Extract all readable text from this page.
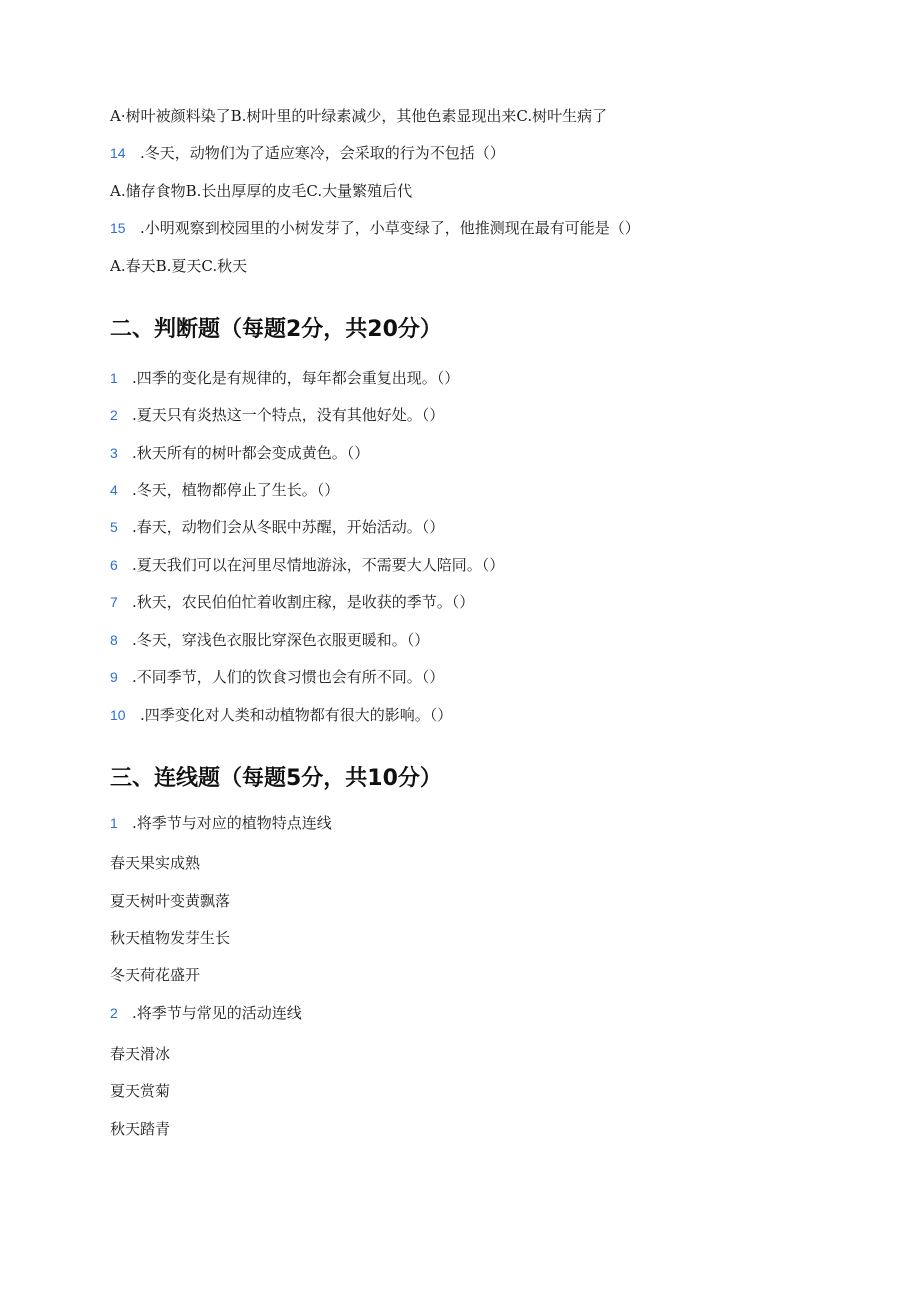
A·树叶被颜料染了B.树叶里的叶绿素减少，其他色素显现出来C.树叶生病了
14 .冬天，动物们为了适应寒冷，会采取的行为不包括（）
A.储存食物B.长出厚厚的皮毛C.大量繁殖后代
15 .小明观察到校园里的小树发芽了，小草变绿了，他推测现在最有可能是（）
A.春天B.夏天C.秋天
二、判断题（每题2分，共20分）
1 .四季的变化是有规律的，每年都会重复出现。（）
2 .夏天只有炎热这一个特点，没有其他好处。（）
3 .秋天所有的树叶都会变成黄色。（）
4 .冬天，植物都停止了生长。（）
5 .春天，动物们会从冬眠中苏醒，开始活动。（）
6 .夏天我们可以在河里尽情地游泳，不需要大人陪同。（）
7 .秋天，农民伯伯忙着收割庄稼，是收获的季节。（）
8 .冬天，穿浅色衣服比穿深色衣服更暖和。（）
9 .不同季节，人们的饮食习惯也会有所不同。（）
10 .四季变化对人类和动植物都有很大的影响。（）
三、连线题（每题5分，共10分）
1 .将季节与对应的植物特点连线
春天果实成熟
夏天树叶变黄飘落
秋天植物发芽生长
冬天荷花盛开
2 .将季节与常见的活动连线
春天滑冰
夏天赏菊
秋天踏青
